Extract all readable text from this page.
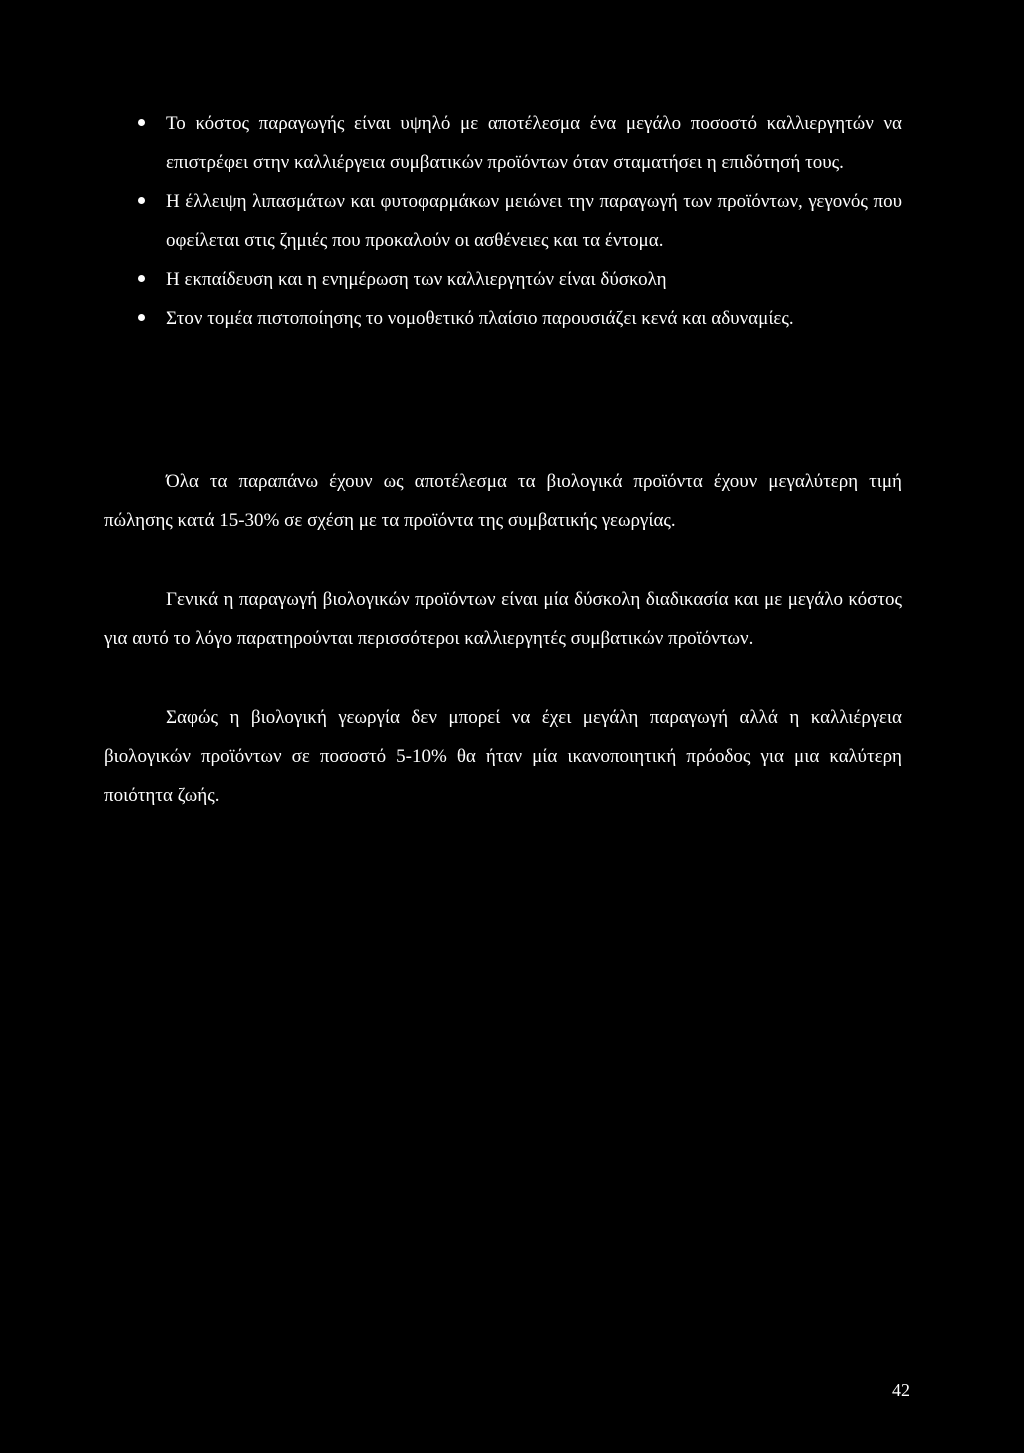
Το κόστος παραγωγής είναι υψηλό με αποτέλεσμα ένα μεγάλο ποσοστό καλλιεργητών να επιστρέφει στην καλλιέργεια συμβατικών προϊόντων όταν σταματήσει η επιδότησή τους.
Η έλλειψη λιπασμάτων και φυτοφαρμάκων μειώνει την παραγωγή των προϊόντων, γεγονός που οφείλεται στις ζημιές που προκαλούν οι ασθένειες και τα έντομα.
Η εκπαίδευση και η ενημέρωση των καλλιεργητών είναι δύσκολη
Στον τομέα πιστοποίησης το νομοθετικό πλαίσιο παρουσιάζει κενά και αδυναμίες.

Όλα τα παραπάνω έχουν ως αποτέλεσμα τα βιολογικά προϊόντα έχουν μεγαλύτερη τιμή πώλησης κατά 15-30% σε σχέση με τα προϊόντα της συμβατικής γεωργίας.

Γενικά η παραγωγή βιολογικών προϊόντων είναι μία δύσκολη διαδικασία και με μεγάλο κόστος για αυτό το λόγο παρατηρούνται περισσότεροι καλλιεργητές συμβατικών προϊόντων.

Σαφώς η βιολογική γεωργία δεν μπορεί να έχει μεγάλη παραγωγή αλλά η καλλιέργεια βιολογικών προϊόντων σε ποσοστό 5-10% θα ήταν μία ικανοποιητική πρόοδος για μια καλύτερη ποιότητα ζωής.

42
